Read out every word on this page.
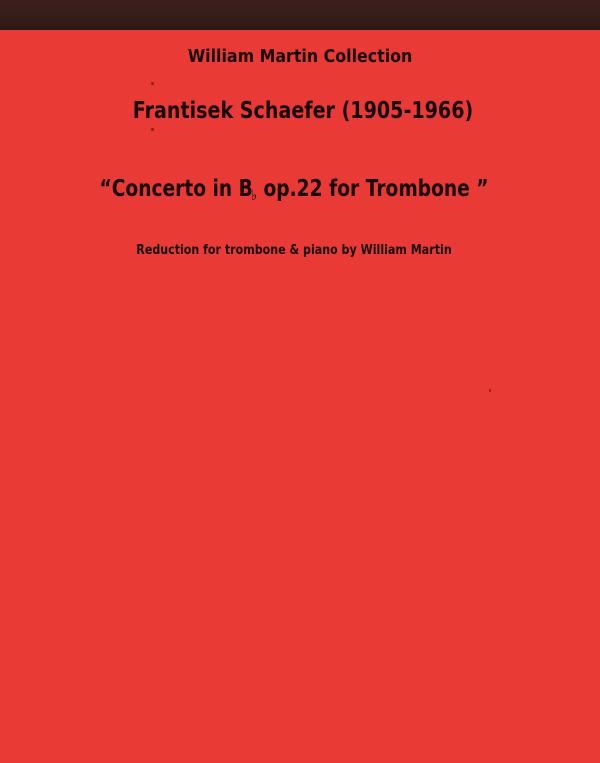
William Martin Collection
Frantisek Schaefer (1905-1966)
“Concerto in B♭ op.22 for Trombone ”
Reduction for trombone & piano by William Martin
